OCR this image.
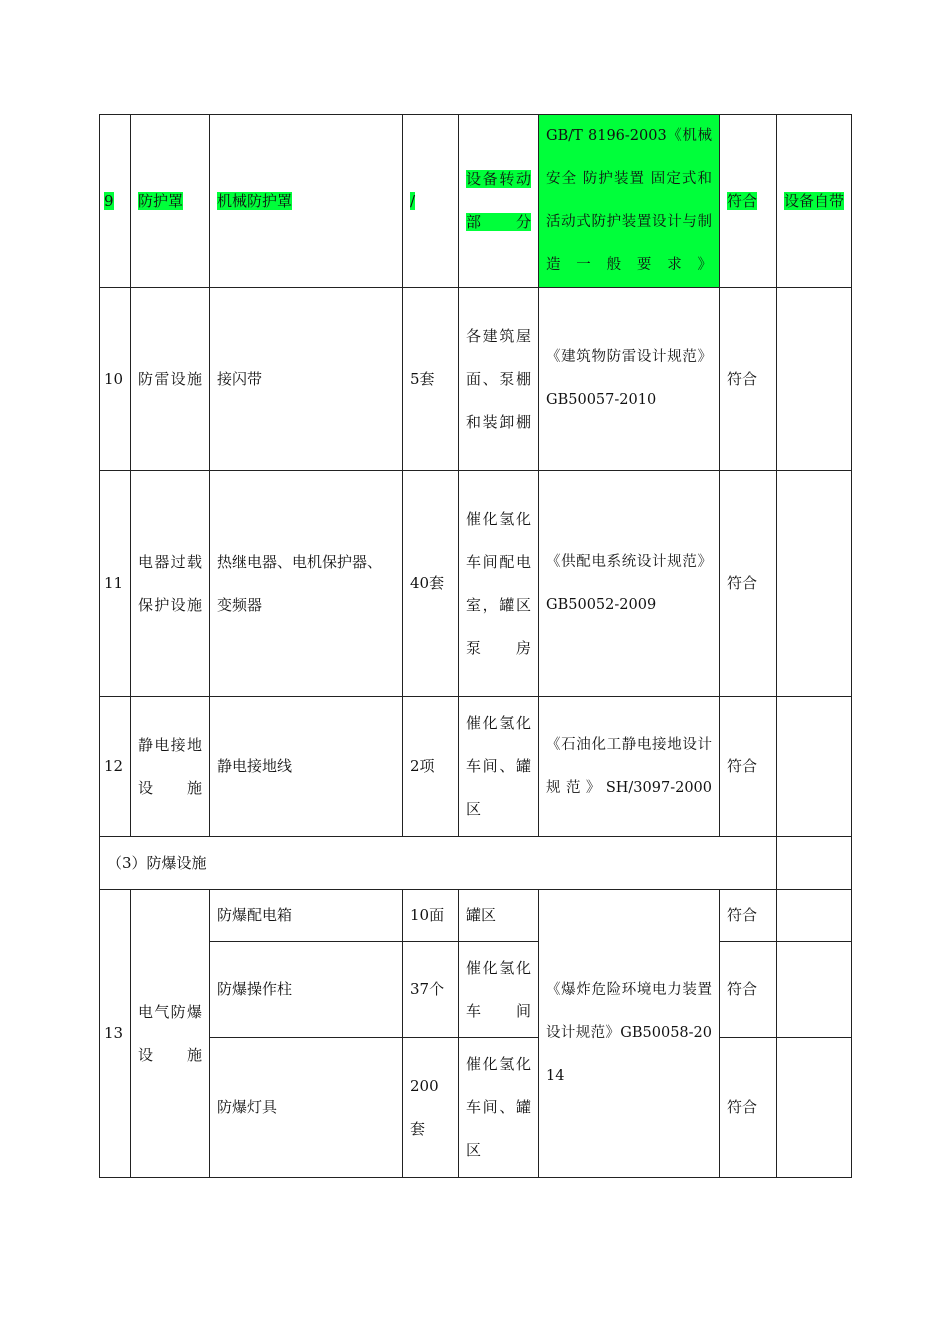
9	防护罩	机械防护罩	/	设备转动部分	GB/T 8196-2003《机械安全 防护装置 固定式和活动式防护装置设计与制造一般要求》	符合	设备自带
10	防雷设施	接闪带	5套	各建筑屋面、泵棚和装卸棚	《建筑物防雷设计规范》GB50057-2010	符合	
11	电器过载保护设施	热继电器、电机保护器、变频器	40套	催化氢化车间配电室，罐区泵房	《供配电系统设计规范》GB50052-2009	符合	
12	静电接地设施	静电接地线	2项	催化氢化车间、罐区	《石油化工静电接地设计规范》SH/3097-2000	符合	
（3）防爆设施							
13	电气防爆设施	防爆配电箱	10面	罐区	《爆炸危险环境电力装置设计规范》GB50058-2014	符合	
		防爆操作柱	37个	催化氢化车间		符合	
		防爆灯具	200套	催化氢化车间、罐区		符合	
